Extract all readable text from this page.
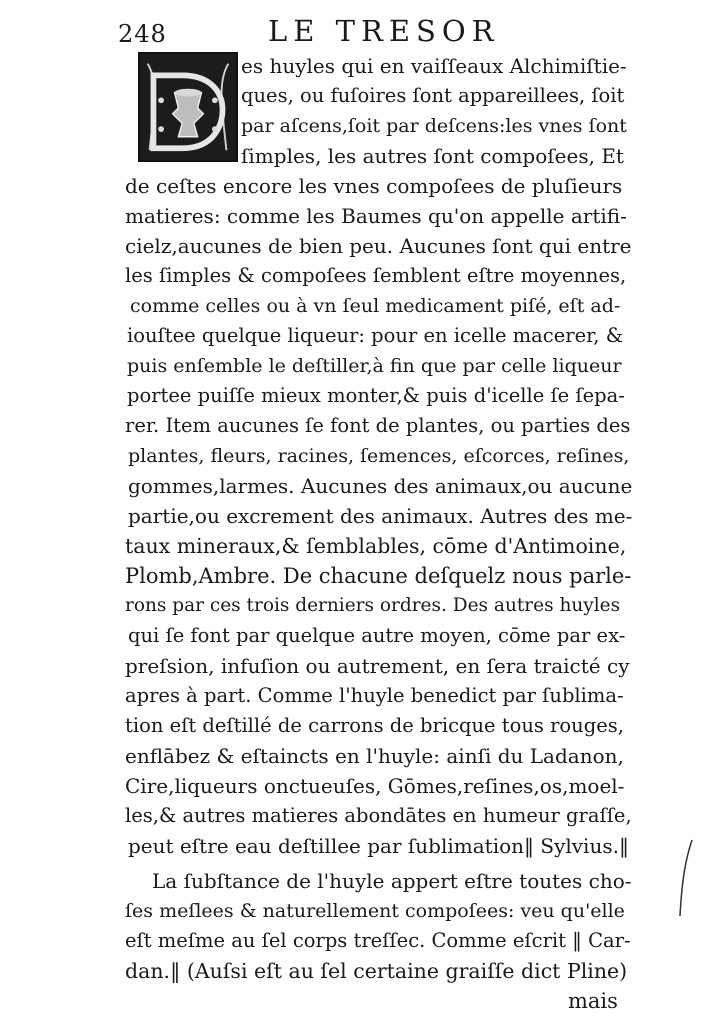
248	LE TRESOR
es huyles qui en vaiſſeaux Alchimiſtie-
ques, ou fuſoires ſont appareillees, ſoit
par aſcens,ſoit par deſcens:les vnes ſont
ſimples, les autres ſont compoſees, Et
de ceſtes encore les vnes compoſees de pluſieurs
matieres: comme les Baumes qu'on appelle artifi-
cielz,aucunes de bien peu. Aucunes ſont qui entre
les ſimples & compoſees ſemblent eſtre moyennes,
comme celles ou à vn ſeul medicament piſé, eſt ad-
iouſtee quelque liqueur: pour en icelle macerer, &
puis enſemble le deſtiller,à fin que par celle liqueur
portee puiſſe mieux monter,& puis d'icelle ſe ſepa-
rer. Item aucunes ſe font de plantes, ou parties des
plantes, fleurs, racines, ſemences, eſcorces, reſines,
gommes,larmes. Aucunes des animaux,ou aucune
partie,ou excrement des animaux. Autres des me-
taux mineraux,& ſemblables, cōme d'Antimoine,
Plomb,Ambre. De chacune deſquelz nous parle-
rons par ces trois derniers ordres. Des autres huyles
qui ſe font par quelque autre moyen, cōme par ex-
preſsion, infuſion ou autrement, en ſera traicté cy
apres à part. Comme l'huyle benedict par ſublima-
tion eſt deſtillé de carrons de bricque tous rouges,
enflābez & eſtaincts en l'huyle: ainſi du Ladanon,
Cire,liqueurs onctueuſes, Gōmes,reſines,os,moel-
les,& autres matieres abondātes en humeur graſſe,
peut eſtre eau deſtillee par ſublimation‖ Sylvius.‖
La ſubſtance de l'huyle appert eſtre toutes cho-
ſes meſlees & naturellement compoſees: veu qu'elle
eſt meſme au ſel corps treſſec. Comme eſcrit ‖ Car-
dan.‖ (Auſsi eſt au ſel certaine graiſſe dict Pline)
mais
